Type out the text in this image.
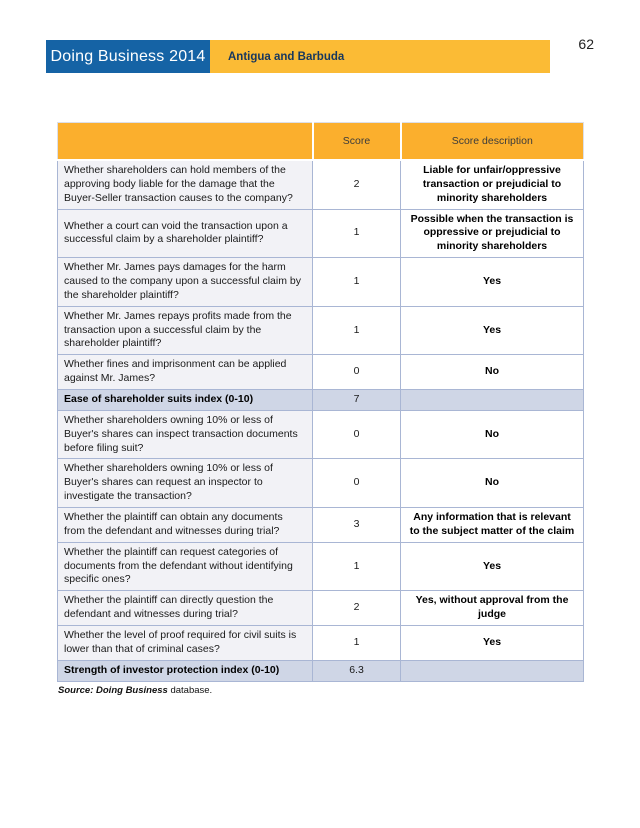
Doing Business 2014	Antigua and Barbuda
62
	Score	Score description
Whether shareholders can hold members of the approving body liable for the damage that the Buyer-Seller transaction causes to the company?	2	Liable for unfair/oppressive transaction or prejudicial to minority shareholders
Whether a court can void the transaction upon a successful claim by a shareholder plaintiff?	1	Possible when the transaction is oppressive or prejudicial to minority shareholders
Whether Mr. James pays damages for the harm caused to the company upon a successful claim by the shareholder plaintiff?	1	Yes
Whether Mr. James repays profits made from the transaction upon a successful claim by the shareholder plaintiff?	1	Yes
Whether fines and imprisonment can be applied against Mr. James?	0	No
Ease of shareholder suits index (0-10)	7	
Whether shareholders owning 10% or less of Buyer's shares can inspect transaction documents before filing suit?	0	No
Whether shareholders owning 10% or less of Buyer's shares can request an inspector to investigate the transaction?	0	No
Whether the plaintiff can obtain any documents from the defendant and witnesses during trial?	3	Any information that is relevant to the subject matter of the claim
Whether the plaintiff can request categories of documents from the defendant without identifying specific ones?	1	Yes
Whether the plaintiff can directly question the defendant and witnesses during trial?	2	Yes, without approval from the judge
Whether the level of proof required for civil suits is lower than that of criminal cases?	1	Yes
Strength of investor protection index (0-10)	6.3	
Source: Doing Business database.
